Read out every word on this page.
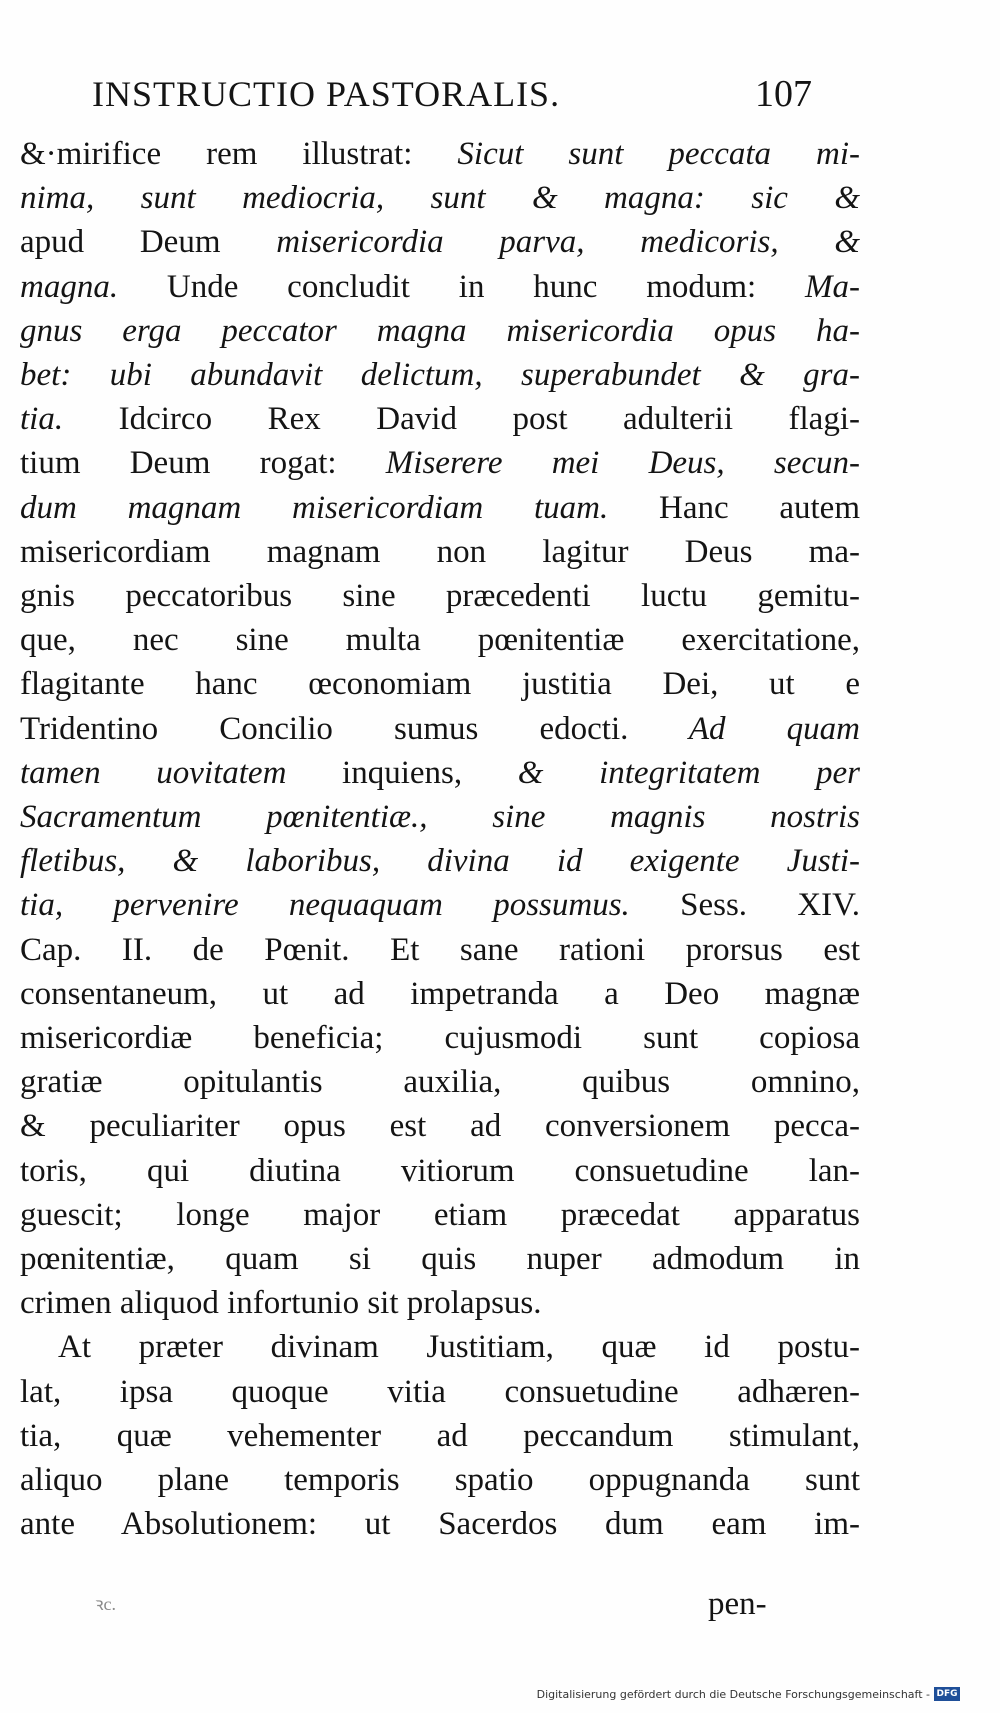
INSTRUCTIO PASTORALIS.	107
&·mirifice rem illustrat: Sicut sunt peccata mi-
nima, sunt mediocria, sunt & magna: sic &
apud Deum misericordia parva, medicoris, &
magna. Unde concludit in hunc modum: Ma-
gnus erga peccator magna misericordia opus ha-
bet: ubi abundavit delictum, superabundet & gra-
tia. Idcirco Rex David post adulterii flagi-
tium Deum rogat: Miserere mei Deus, secun-
dum magnam misericordiam tuam. Hanc autem
misericordiam magnam non lagitur Deus ma-
gnis peccatoribus sine præcedenti luctu gemitu-
que, nec sine multa pœnitentiæ exercitatione,
flagitante hanc œconomiam justitia Dei, ut e
Tridentino Concilio sumus edocti. Ad quam
tamen uovitatem inquiens, & integritatem per
Sacramentum pœnitentiæ., sine magnis nostris
fletibus, & laboribus, divina id exigente Justi-
tia, pervenire nequaquam possumus. Sess. XIV.
Cap. II. de Pœnit. Et sane rationi prorsus est
consentaneum, ut ad impetranda a Deo magnæ
misericordiæ beneficia; cujusmodi sunt copiosa
gratiæ opitulantis auxilia, quibus omnino,
& peculiariter opus est ad conversionem pecca-
toris, qui diutina vitiorum consuetudine lan-
guescit; longe major etiam præcedat apparatus
pœnitentiæ, quam si quis nuper admodum in
crimen aliquod infortunio sit prolapsus.
At præter divinam Justitiam, quæ id postu-
lat, ipsa quoque vitia consuetudine adhæren-
tia, quæ vehementer ad peccandum stimulant,
aliquo plane temporis spatio oppugnanda sunt
ante Absolutionem: ut Sacerdos dum eam im-
ꝛc.	pen-
Digitalisierung gefördert durch die Deutsche Forschungsgemeinschaft - DFG
